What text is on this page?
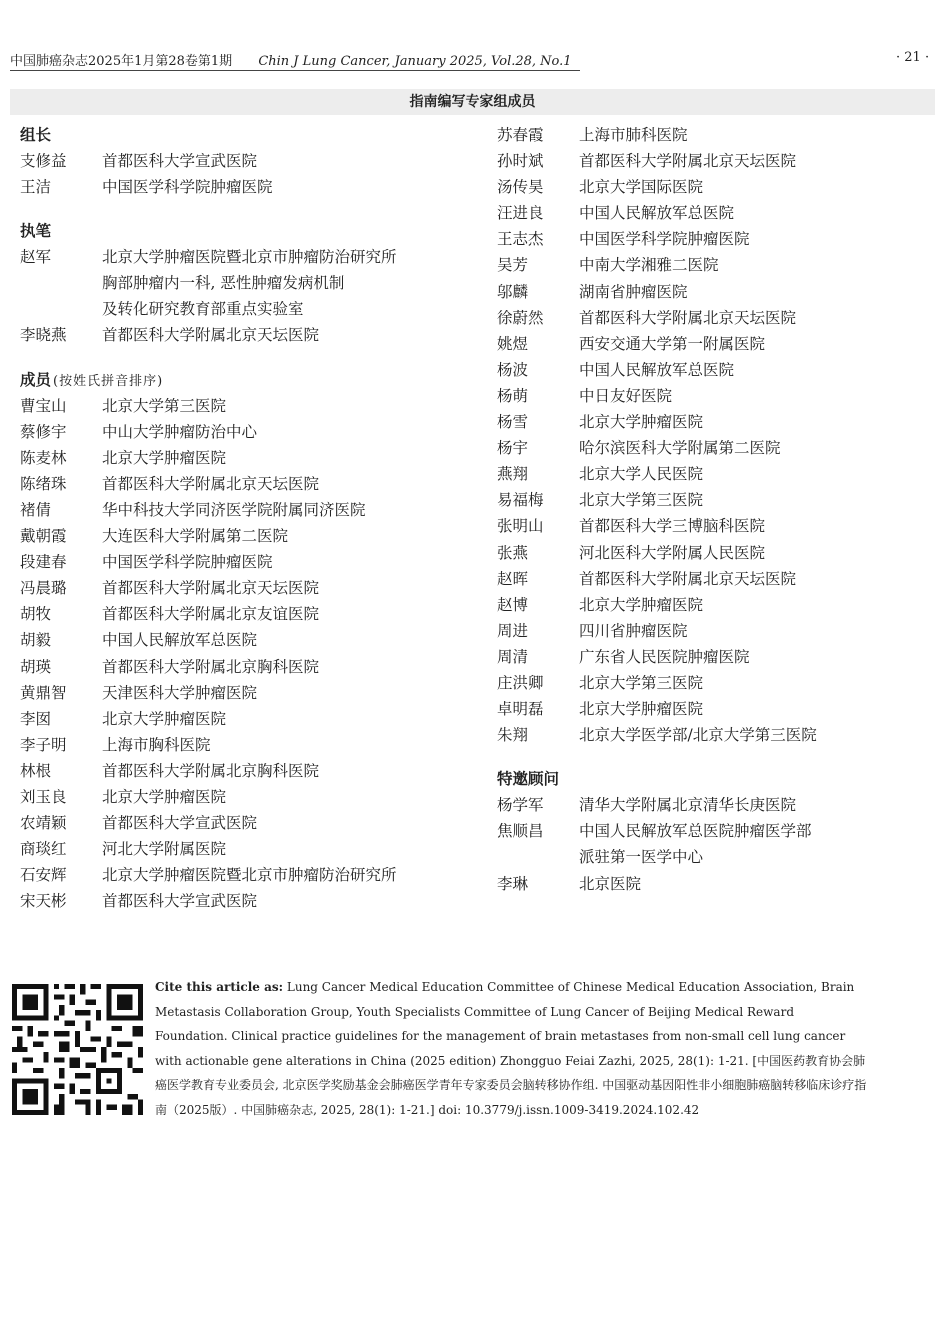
中国肺癌杂志2025年1月第28卷第1期 Chin J Lung Cancer, January 2025, Vol.28, No.1	· 21 ·
指南编写专家组成员
组长
支修益	首都医科大学宣武医院
王洁	中国医学科学院肿瘤医院
执笔
赵军	北京大学肿瘤医院暨北京市肿瘤防治研究所
胸部肿瘤内一科, 恶性肿瘤发病机制
及转化研究教育部重点实验室
李晓燕	首都医科大学附属北京天坛医院
成员 (按姓氏拼音排序)
曹宝山	北京大学第三医院
蔡修宇	中山大学肿瘤防治中心
陈麦林	北京大学肿瘤医院
陈绪珠	首都医科大学附属北京天坛医院
褚倩	华中科技大学同济医学院附属同济医院
戴朝霞	大连医科大学附属第二医院
段建春	中国医学科学院肿瘤医院
冯晨璐	首都医科大学附属北京天坛医院
胡牧	首都医科大学附属北京友谊医院
胡毅	中国人民解放军总医院
胡瑛	首都医科大学附属北京胸科医院
黄鼎智	天津医科大学肿瘤医院
李囡	北京大学肿瘤医院
李子明	上海市胸科医院
林根	首都医科大学附属北京胸科医院
刘玉良	北京大学肿瘤医院
农靖颖	首都医科大学宣武医院
商琰红	河北大学附属医院
石安辉	北京大学肿瘤医院暨北京市肿瘤防治研究所
宋天彬	首都医科大学宣武医院
苏春霞	上海市肺科医院
孙时斌	首都医科大学附属北京天坛医院
汤传昊	北京大学国际医院
汪进良	中国人民解放军总医院
王志杰	中国医学科学院肿瘤医院
吴芳	中南大学湘雅二医院
邬麟	湖南省肿瘤医院
徐蔚然	首都医科大学附属北京天坛医院
姚煜	西安交通大学第一附属医院
杨波	中国人民解放军总医院
杨萌	中日友好医院
杨雪	北京大学肿瘤医院
杨宇	哈尔滨医科大学附属第二医院
燕翔	北京大学人民医院
易福梅	北京大学第三医院
张明山	首都医科大学三博脑科医院
张燕	河北医科大学附属人民医院
赵晖	首都医科大学附属北京天坛医院
赵博	北京大学肿瘤医院
周进	四川省肿瘤医院
周清	广东省人民医院肿瘤医院
庄洪卿	北京大学第三医院
卓明磊	北京大学肿瘤医院
朱翔	北京大学医学部/北京大学第三医院
特邀顾问
杨学军	清华大学附属北京清华长庚医院
焦顺昌	中国人民解放军总医院肿瘤医学部
派驻第一医学中心
李琳	北京医院
Cite this article as: Lung Cancer Medical Education Committee of Chinese Medical Education Association, Brain Metastasis Collaboration Group, Youth Specialists Committee of Lung Cancer of Beijing Medical Reward Foundation. Clinical practice guidelines for the management of brain metastases from non-small cell lung cancer with actionable gene alterations in China (2025 edition) Zhongguo Feiai Zazhi, 2025, 28(1): 1-21. [中国医药教育协会肺癌医学教育专业委员会, 北京医学奖励基金会肺癌医学青年专家委员会脑转移协作组. 中国驱动基因阳性非小细胞肺癌脑转移临床诊疗指南（2025版）. 中国肺癌杂志, 2025, 28(1): 1-21.] doi: 10.3779/j.issn.1009-3419.2024.102.42
